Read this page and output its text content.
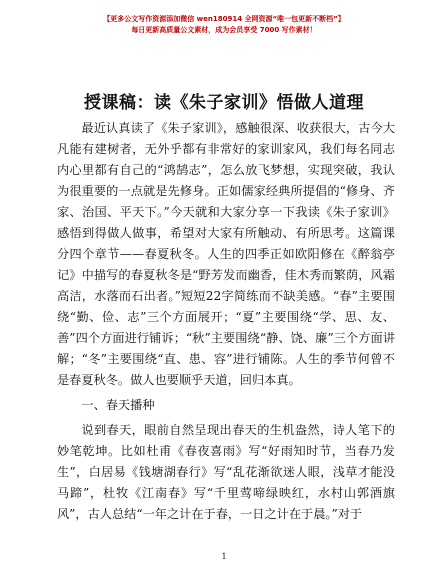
【更多公文写作资源添加微信 wen180914 全网资源“唯一包更新不断档”】
每日更新高质量公文素材，成为会员享受 7000 写作素材！
授课稿：读《朱子家训》悟做人道理

最近认真读了《朱子家训》，感触很深、收获很大，古今大凡能有建树者，无外乎都有非常好的家训家风，我们每名同志内心里都有自己的“鸿鹄志”，怎么放飞梦想，实现突破，我认为很重要的一点就是先修身。正如儒家经典所提倡的“修身、齐家、治国、平天下。”今天就和大家分享一下我读《朱子家训》感悟到得做人做事，希望对大家有所触动、有所思考。这篇课分四个章节——春夏秋冬。人生的四季正如欧阳修在《醉翁亭记》中描写的春夏秋冬是“野芳发而幽香，佳木秀而繁荫，风霜高洁，水落而石出者。”短短22字简练而不缺美感。“春”主要围绕“勤、俭、志”三个方面展开；“夏”主要围绕“学、思、友、善”四个方面进行铺诉；“秋”主要围绕“静、饶、廉”三个方面讲解；“冬”主要围绕“直、患、容”进行铺陈。人生的季节何曾不是春夏秋冬。做人也要顺乎天道，回归本真。

一、春天播种

说到春天，眼前自然呈现出春天的生机盎然，诗人笔下的妙笔乾坤。比如杜甫《春夜喜雨》写“好雨知时节，当春乃发生”，白居易《钱塘湖春行》写“乱花渐欲迷人眼，浅草才能没马蹄”，杜牧《江南春》写“千里莺啼绿映红，水村山郭酒旗风”，古人总结“一年之计在于春，一日之计在于晨。”对于

1
